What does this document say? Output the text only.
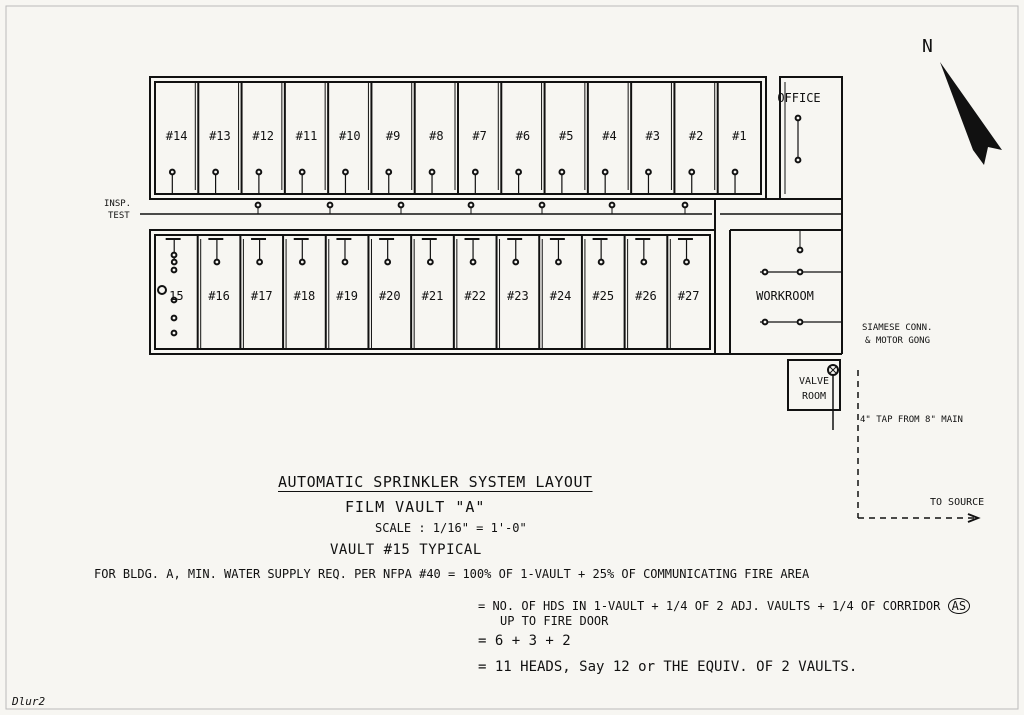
#14 #13 #12 #11 #10 #9 #8 #7 #6 #5 #4 #3 #2 #1
15 #16 #17 #18 #19 #20 #21 #22 #23 #24 #25 #26 #27
OFFICE
WORKROOM
VALVE
ROOM
INSP.
TEST
SIAMESE CONN.
& MOTOR GONG
4" TAP FROM 8" MAIN
TO SOURCE
N
AUTOMATIC SPRINKLER SYSTEM LAYOUT
FILM VAULT "A"
SCALE : 1/16" = 1'-0"
VAULT #15 TYPICAL
FOR BLDG. A, MIN. WATER SUPPLY REQ. PER NFPA #40 = 100% OF 1-VAULT + 25% OF COMMUNICATING FIRE AREA
= NO. OF HDS IN 1-VAULT + 1/4 OF 2 ADJ. VAULTS + 1/4 OF CORRIDOR AS
UP TO FIRE DOOR
= 6 + 3 + 2
= 11 HEADS, Say 12 or THE EQUIV. OF 2 VAULTS.
Dlur2
